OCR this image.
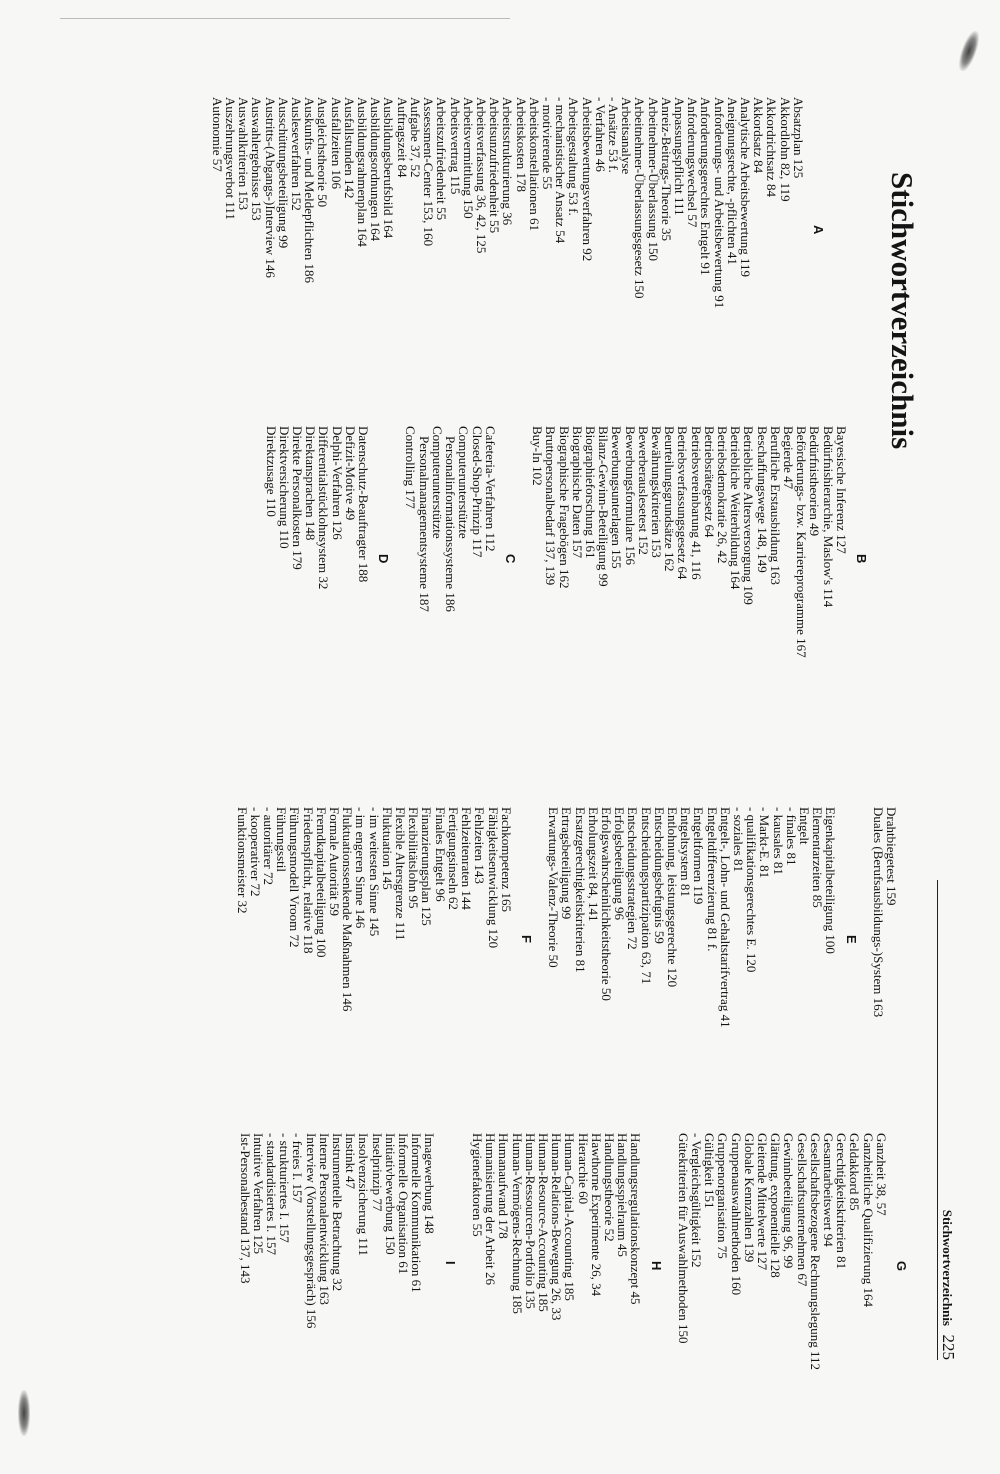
Stichwortverzeichnis
225
Stichwortverzeichnis
A
Absatzplan 125
Akkordlohn 82, 119
Akkordrichtsatz 84
Akkordsatz 84
Analytische Arbeitsbewertung 119
Aneignungsrechte, -pflichten 41
Anforderungs- und Arbeitsbewertung 91
Anforderungsgerechtes Entgelt 91
Anforderungswechsel 57
Anpassungspflicht 111
Anreiz-Beitrags-Theorie 35
Arbeitnehmer-Überlassung 150
Arbeitnehmer-Überlassungsgesetz 150
Arbeitsanalyse
- Ansätze 53 f.
- Verfahren 46
Arbeitsbewertungsverfahren 92
Arbeitsgestaltung 53 f.
- mechanistischer Ansatz 54
- motivierende 55
Arbeitskonstellationen 61
Arbeitskosten 178
Arbeitsstrukturierung 36
Arbeitsunzufriedenheit 55
Arbeitsverfassung 36, 42, 125
Arbeitsvermittlung 150
Arbeitsvertrag 115
Arbeitszufriedenheit 55
Assessment-Center 153, 160
Aufgabe 37, 52
Auftragszeit 84
Ausbildungsberufsbild 164
Ausbildungsordnungen 164
Ausbildungsrahmenplan 164
Ausfallstunden 142
Ausfallzeiten 106
Ausgleichstheorie 50
Auskunfts- und Meldepflichten 186
Ausleseverfahren 152
Ausschüttungsbeteiligung 99
Austritts-(Abgangs-)Interview 146
Auswahlergebnisse 153
Auswahlkriterien 153
Auszehrungsverbot 111
Autonomie 57
B
Bayesische Inferenz 127
Bedürfnishierarchie, Maslow's 114
Bedürfnistheorien 49
Beförderungs- bzw. Karriereprogramme 167
Begierde 47
Berufliche Erstausbildung 163
Beschaffungswege 148, 149
Betriebliche Altersversorgung 109
Betriebliche Weiterbildung 164
Betriebsdemokratie 26, 42
Betriebsrätegesetz 64
Betriebsvereinbarung 41, 116
Betriebsverfassungsgesetz 64
Beurteilungsgrundsätze 162
Bewährungskriterien 153
Bewerberauslesetest 152
Bewerbungsformulare 156
Bewerbungsunterlagen 155
Bilanz-Gewinn-Beteiligung 99
Biographieforschung 161
Biographische Daten 157
Biographische Fragebögen 162
Bruttopersonalbedarf 137, 139
Buy-In 102
C
Cafeteria-Verfahren 112
Closed-Shop-Prinzip 117
Computerunterstützte Personalinformationssysteme 186
Computerunterstützte Personalmanagementsysteme 187
Controlling 177
D
Datenschutz-Beauftragter 188
Defizit-Motive 49
Delphi-Verfahren 126
Differentialstücklohnsystem 32
Direktansprachen 148
Direkte Personalkosten 179
Direktversicherung 110
Direktzusage 110
Drahtbiegetest 159
Duales (Berufsausbildungs-)System 163
E
Eigenkapitalbeteiligung 100
Elementarzeiten 85
Entgelt
- finales 81
- kausales 81
- Markt-E. 81
- qualifikationsgerechtes E. 120
- soziales 81
Entgelt-, Lohn- und Gehaltstarifvertrag 41
Entgeltdifferenzierung 81 f.
Entgeltformen 119
Entgeltsystem 81
Entlohnung, leistungsgerechte 120
Entscheidungsbefugnis 59
Entscheidungspartizipation 63, 71
Entscheidungsstrategien 72
Erfolgsbeteiligung 96
Erfolgswahrscheinlichkeitstheorie 50
Erholungszeit 84, 141
Ersatzgerechtigkeitskriterien 81
Ertragsbeteiligung 99
Erwartungs-Valenz-Theorie 50
F
Fachkompetenz 165
Fähigkeitsentwicklung 120
Fehlzeiten 143
Fehlzeitenraten 144
Fertigungsinseln 62
Finales Entgelt 96
Finanzierungsplan 125
Flexibilitätslohn 95
Flexible Altersgrenze 111
Fluktuation 145
- im weitesten Sinne 145
- im engeren Sinne 146
Fluktuationssenkende Maßnahmen 146
Formale Autorität 59
Fremdkapitalbeteiligung 100
Friedenspflicht, relative 118
Führungsmodell Vroom 72
Führungsstil
- autoritärer 72
- kooperativer 72
Funktionsmeister 32
G
Ganzheit 38, 57
Ganzheitliche Qualifizierung 164
Geldakkord 85
Gerechtigkeitskriterien 81
Gesamtarbeitswert 94
Gesellschaftsbezogene Rechnungslegung 112
Gesellschaftsunternehmen 67
Gewinnbeteiligung 96, 99
Glättung, exponentielle 128
Gleitende Mittelwerte 127
Globale Kennzahlen 139
Gruppenauswahlmethoden 160
Gruppenorganisation 75
Gültigkeit 151
- Vergleichsgültigkeit 152
Gütekriterien für Auswahlmethoden 150
H
Handlungsregulationskonzept 45
Handlungsspielraum 45
Handlungstheorie 52
Hawthorne Experimente 26, 34
Hierarchie 60
Human-Capital-Accounting 185
Human-Relations-Bewegung 26, 33
Human-Resource-Accounting 185
Human-Ressourcen-Portfolio 135
Human-Vermögens-Rechnung 185
Humanaufwand 178
Humanisierung der Arbeit 26
Hygienefaktoren 55
I
Imagewerbung 148
Informelle Kommunikation 61
Informelle Organisation 61
Initiativbewerbung 150
Inselprinzip 77
Insolvenzsicherung 111
Instinkt 47
Instrumentelle Betrachtung 32
Interne Personalentwicklung 163
Interview (Vorstellungsgespräch) 156
- freies I. 157
- strukturiertes I. 157
- standardisiertes I. 157
Intuitive Verfahren 125
Ist-Personalbestand 137, 143
